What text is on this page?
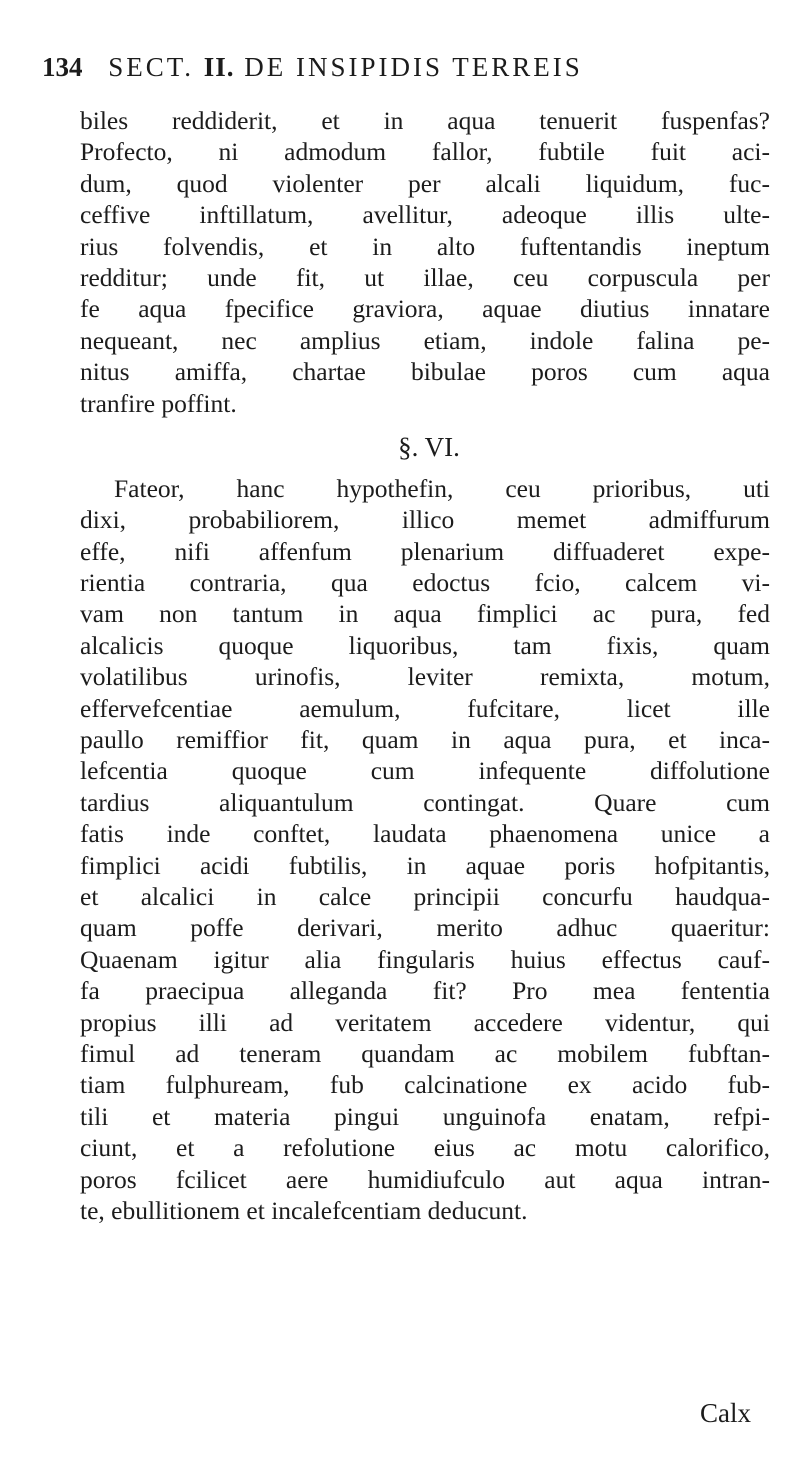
134 SECT. II. DE INSIPIDIS TERREIS
biles reddiderit, et in aqua tenuerit fuspenfas?
Profecto, ni admodum fallor, fubtile fuit aci-
dum, quod violenter per alcali liquidum, fuc-
ceffive inftillatum, avellitur, adeoque illis ulte-
rius folvendis, et in alto fuftentandis ineptum
redditur; unde fit, ut illae, ceu corpuscula per
fe aqua fpecifice graviora, aquae diutius innatare
nequeant, nec amplius etiam, indole falina pe-
nitus amiffa, chartae bibulae poros cum aqua
tranfire poffint.
§. VI.
Fateor, hanc hypothefin, ceu prioribus, uti
dixi, probabiliorem, illico memet admiffurum
effe, nifi affenfum plenarium diffuaderet expe-
rientia contraria, qua edoctus fcio, calcem vi-
vam non tantum in aqua fimplici ac pura, fed
alcalicis quoque liquoribus, tam fixis, quam
volatilibus urinofis, leviter remixta, motum,
effervefcentiae aemulum, fufcitare, licet ille
paullo remiffior fit, quam in aqua pura, et inca-
lefcentia quoque cum infequente diffolutione
tardius aliquantulum contingat. Quare cum
fatis inde conftet, laudata phaenomena unice a
fimplici acidi fubtilis, in aquae poris hofpitantis,
et alcalici in calce principii concurfu haudqua-
quam poffe derivari, merito adhuc quaeritur:
Quaenam igitur alia fingularis huius effectus cauf-
fa praecipua alleganda fit? Pro mea fententia
propius illi ad veritatem accedere videntur, qui
fimul ad teneram quandam ac mobilem fubftan-
tiam fulphuream, fub calcinatione ex acido fub-
tili et materia pingui unguinofa enatam, refpi-
ciunt, et a refolutione eius ac motu calorifico,
poros fcilicet aere humidiufculo aut aqua intran-
te, ebullitionem et incalefcentiam deducunt.
Calx
